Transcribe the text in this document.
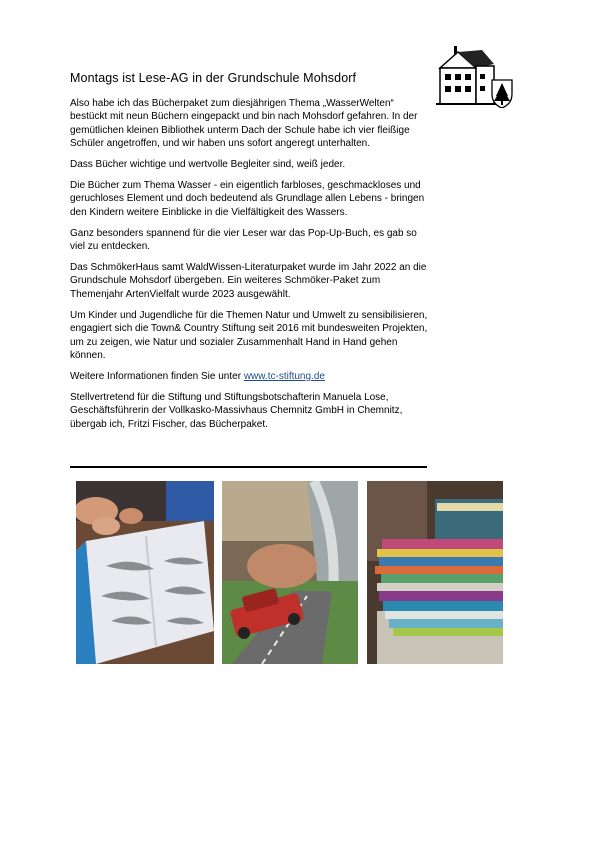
Montags ist Lese-AG in der Grundschule Mohsdorf

Also habe ich das Bücherpaket zum diesjährigen Thema „WasserWelten“ bestückt mit neun Büchern eingepackt und bin nach Mohsdorf gefahren. In der gemütlichen kleinen Bibliothek unterm Dach der Schule habe ich vier fleißige Schüler angetroffen, und wir haben uns sofort angeregt unterhalten.

Dass Bücher wichtige und wertvolle Begleiter sind, weiß jeder.

Die Bücher zum Thema Wasser - ein eigentlich farbloses, geschmackloses und geruchloses Element und doch bedeutend als Grundlage allen Lebens - bringen den Kindern weitere Einblicke in die Vielfältigkeit des Wassers.

Ganz besonders spannend für die vier Leser war das Pop-Up-Buch, es gab so viel zu entdecken.

Das SchmökerHaus samt WaldWissen-Literaturpaket wurde im Jahr 2022 an die Grundschule Mohsdorf übergeben. Ein weiteres Schmöker-Paket zum Themenjahr ArtenVielfalt wurde 2023 ausgewählt.

Um Kinder und Jugendliche für die Themen Natur und Umwelt zu sensibilisieren, engagiert sich die Town& Country Stiftung seit 2016 mit bundesweiten Projekten, um zu zeigen, wie Natur und sozialer Zusammenhalt Hand in Hand gehen können.

Weitere Informationen finden Sie unter www.tc-stiftung.de

Stellvertretend für die Stiftung und Stiftungsbotschafterin Manuela Lose, Geschäftsführerin der Vollkasko-Massivhaus Chemnitz GmbH in Chemnitz, übergab ich, Fritzi Fischer, das Bücherpaket.
